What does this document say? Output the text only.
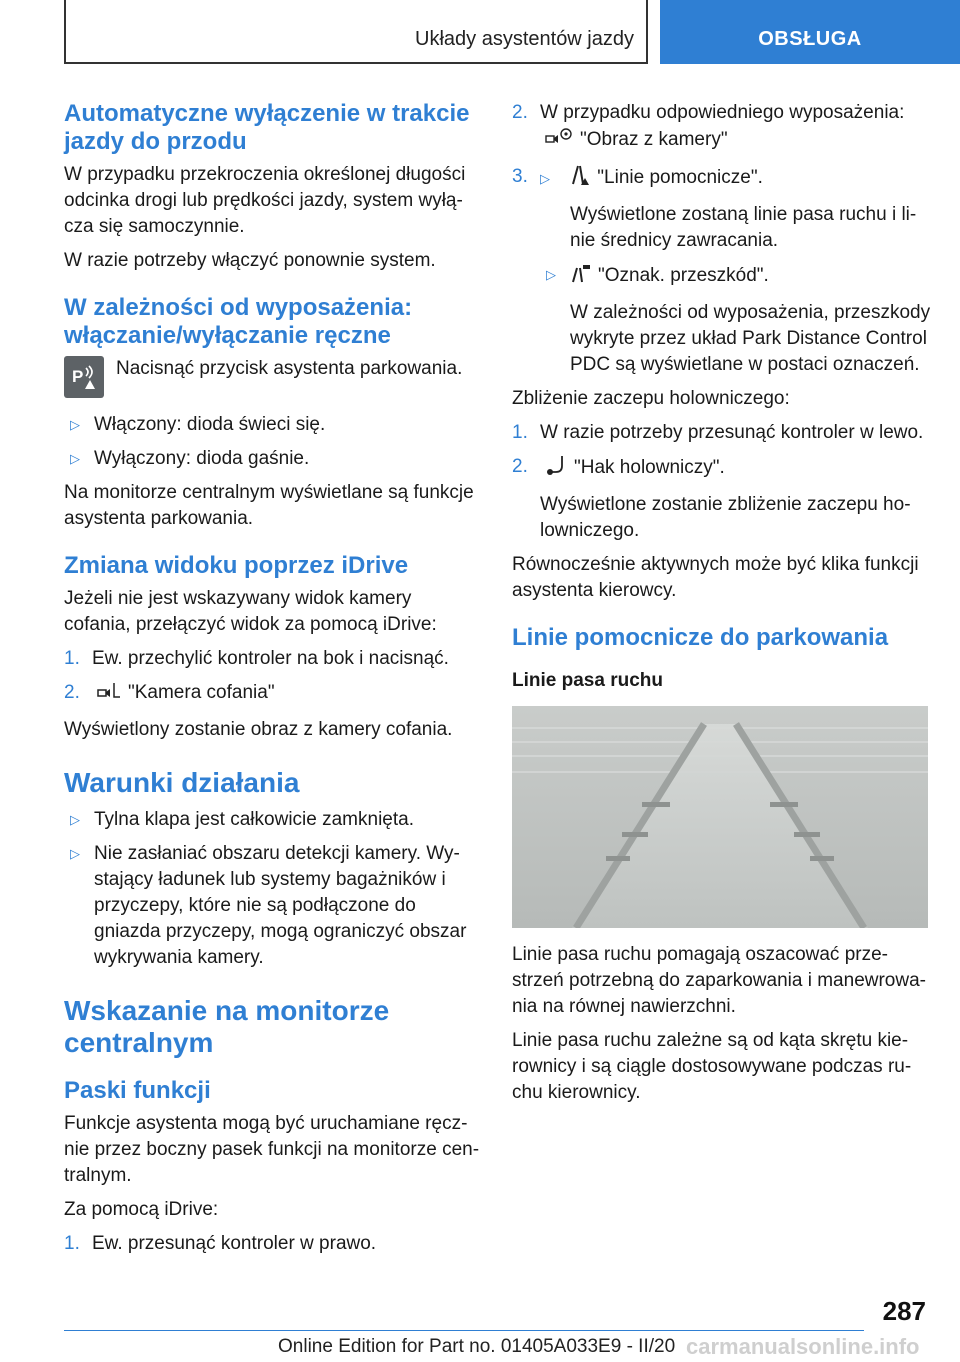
Układy asystentów jazdy	OBSŁUGA
Automatyczne wyłączenie w trakcie jazdy do przodu

W przypadku przekroczenia określonej długości odcinka drogi lub prędkości jazdy, system wyłą-cza się samoczynnie.

W razie potrzeby włączyć ponownie system.

W zależności od wyposażenia: włączanie/wyłączanie ręczne
P Nacisnąć przycisk asystenta parkowania.

▷ Włączony: dioda świeci się.
▷ Wyłączony: dioda gaśnie.

Na monitorze centralnym wyświetlane są funkcje asystenta parkowania.

Zmiana widoku poprzez iDrive

Jeżeli nie jest wskazywany widok kamery cofania, przełączyć widok za pomocą iDrive:

1. Ew. przechylić kontroler na bok i nacisnąć.
2.	"Kamera cofania"

Wyświetlony zostanie obraz z kamery cofania.

Warunki działania
▷ Tylna klapa jest całkowicie zamknięta.
▷ Nie zasłaniać obszaru detekcji kamery. Wy-stający ładunek lub systemy bagażników i przyczepy, które nie są podłączone do gniazda przyczepy, mogą ograniczyć obszar wykrywania kamery.
Wskazanie na monitorze centralnym
Paski funkcji

Funkcje asystenta mogą być uruchamiane ręcz-nie przez boczny pasek funkcji na monitorze cen-tralnym.

Za pomocą iDrive:

1. Ew. przesunąć kontroler w prawo.
2. W przypadku odpowiedniego wyposażenia:
"Obraz z kamery"
3. ▷ "Linie pomocnicze".
Wyświetlone zostaną linie pasa ruchu i li-nie średnicy zawracania.
▷ "Oznak. przeszkód".
W zależności od wyposażenia, przeszkody wykryte przez układ Park Distance Control PDC są wyświetlane w postaci oznaczeń.

Zbliżenie zaczepu holowniczego:

1. W razie potrzeby przesunąć kontroler w lewo.
2. "Hak holowniczy".
Wyświetlone zostanie zbliżenie zaczepu ho-lowniczego.

Równocześnie aktywnych może być klika funkcji asystenta kierowcy.

Linie pomocnicze do parkowania
Linie pasa ruchu

Linie pasa ruchu pomagają oszacować prze-strzeń potrzebną do zaparkowania i manewrowa-nia na równej nawierzchni.

Linie pasa ruchu zależne są od kąta skrętu kie-rownicy i są ciągle dostosowywane podczas ru-chu kierownicy.

287
Online Edition for Part no. 01405A033E9 - II/20 carmanualsonline.info
